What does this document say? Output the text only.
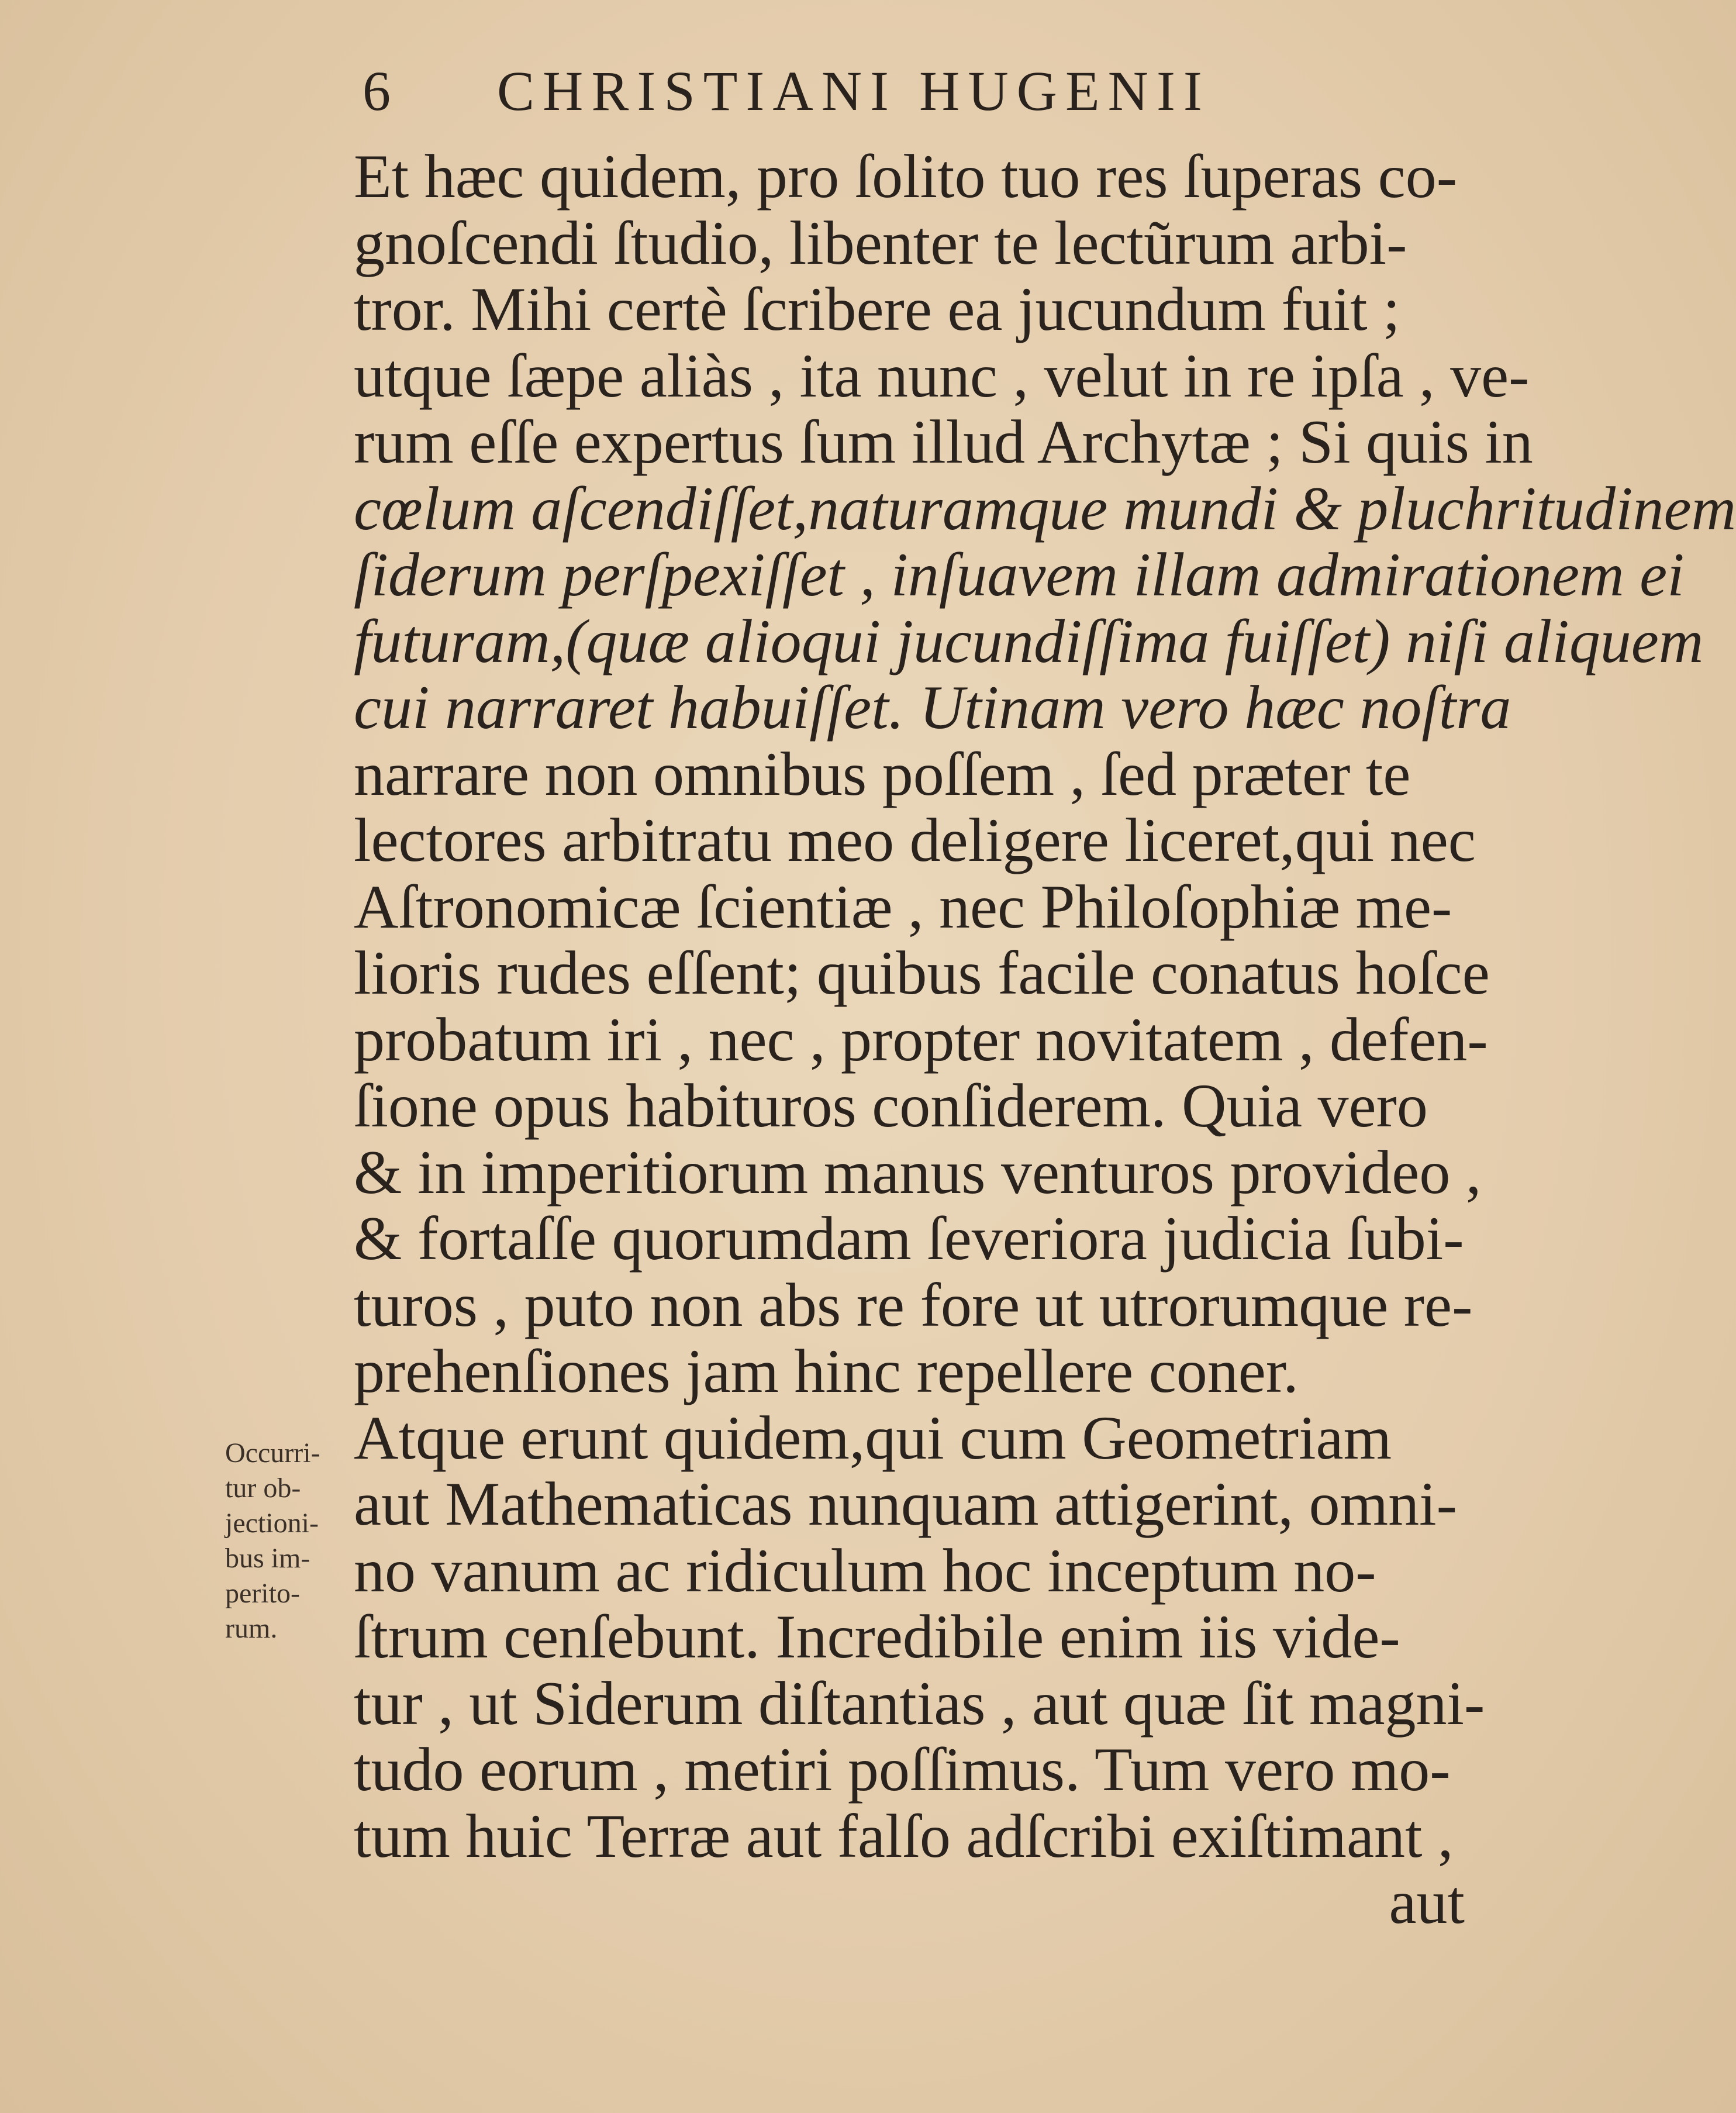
6 CHRISTIANI HUGENII
Et hæc quidem, pro ſolito tuo res ſuperas co-
gnoſcendi ſtudio, libenter te lectũrum arbi-
tror. Mihi certè ſcribere ea jucundum fuit ;
utque ſæpe aliàs , ita nunc , velut in re ipſa , ve-
rum eſſe expertus ſum illud Archytæ ; Si quis in
cœlum aſcendiſſet,naturamque mundi & pluchritudinem
ſiderum perſpexiſſet , inſuavem illam admirationem ei
futuram,(quæ alioqui jucundiſſima fuiſſet) niſi aliquem
cui narraret habuiſſet. Utinam vero hæc noſtra
narrare non omnibus poſſem , ſed præter te
lectores arbitratu meo deligere liceret,qui nec
Aſtronomicæ ſcientiæ , nec Philoſophiæ me-
lioris rudes eſſent; quibus facile conatus hoſce
probatum iri , nec , propter novitatem , defen-
ſione opus habituros conſiderem. Quia vero
& in imperitiorum manus venturos provideo ,
& fortaſſe quorumdam ſeveriora judicia ſubi-
turos , puto non abs re fore ut utrorumque re-
prehenſiones jam hinc repellere coner.
Atque erunt quidem,qui cum Geometriam
aut Mathematicas nunquam attigerint, omni-
no vanum ac ridiculum hoc inceptum no-
ſtrum cenſebunt. Incredibile enim iis vide-
tur , ut Siderum diſtantias , aut quæ ſit magni-
tudo eorum , metiri poſſimus. Tum vero mo-
tum huic Terræ aut falſo adſcribi exiſtimant ,
aut
Occurri-
tur ob-
jectioni-
bus im-
perito-
rum.
